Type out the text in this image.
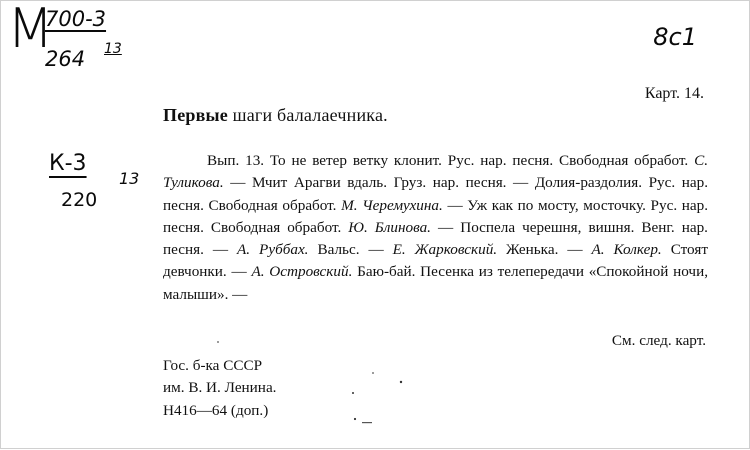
М
700-3
264 13
К-3
220
13
8с1
Карт. 14.
Первые шаги балалаечника.

Вып. 13. То не ветер ветку клонит. Рус. нар. песня. Свободная обработ. С. Туликова. — Мчит Арагви вдаль. Груз. нар. песня. — Долия-раздолия. Рус. нар. песня. Свободная обработ. М. Черемухина. — Уж как по мосту, мосточку. Рус. нар. песня. Свободная обработ. Ю. Блинова. — Поспела черешня, вишня. Венг. нар. песня. — А. Руббах. Вальс. — Е. Жарковский. Женька. — А. Колкер. Стоят девчонки. — А. Островский. Баю-бай. Песенка из телепередачи «Спокойной ночи, малыши». —

См. след. карт.
Гос. б-ка СССР
им. В. И. Ленина.
Н416—64 (доп.)
